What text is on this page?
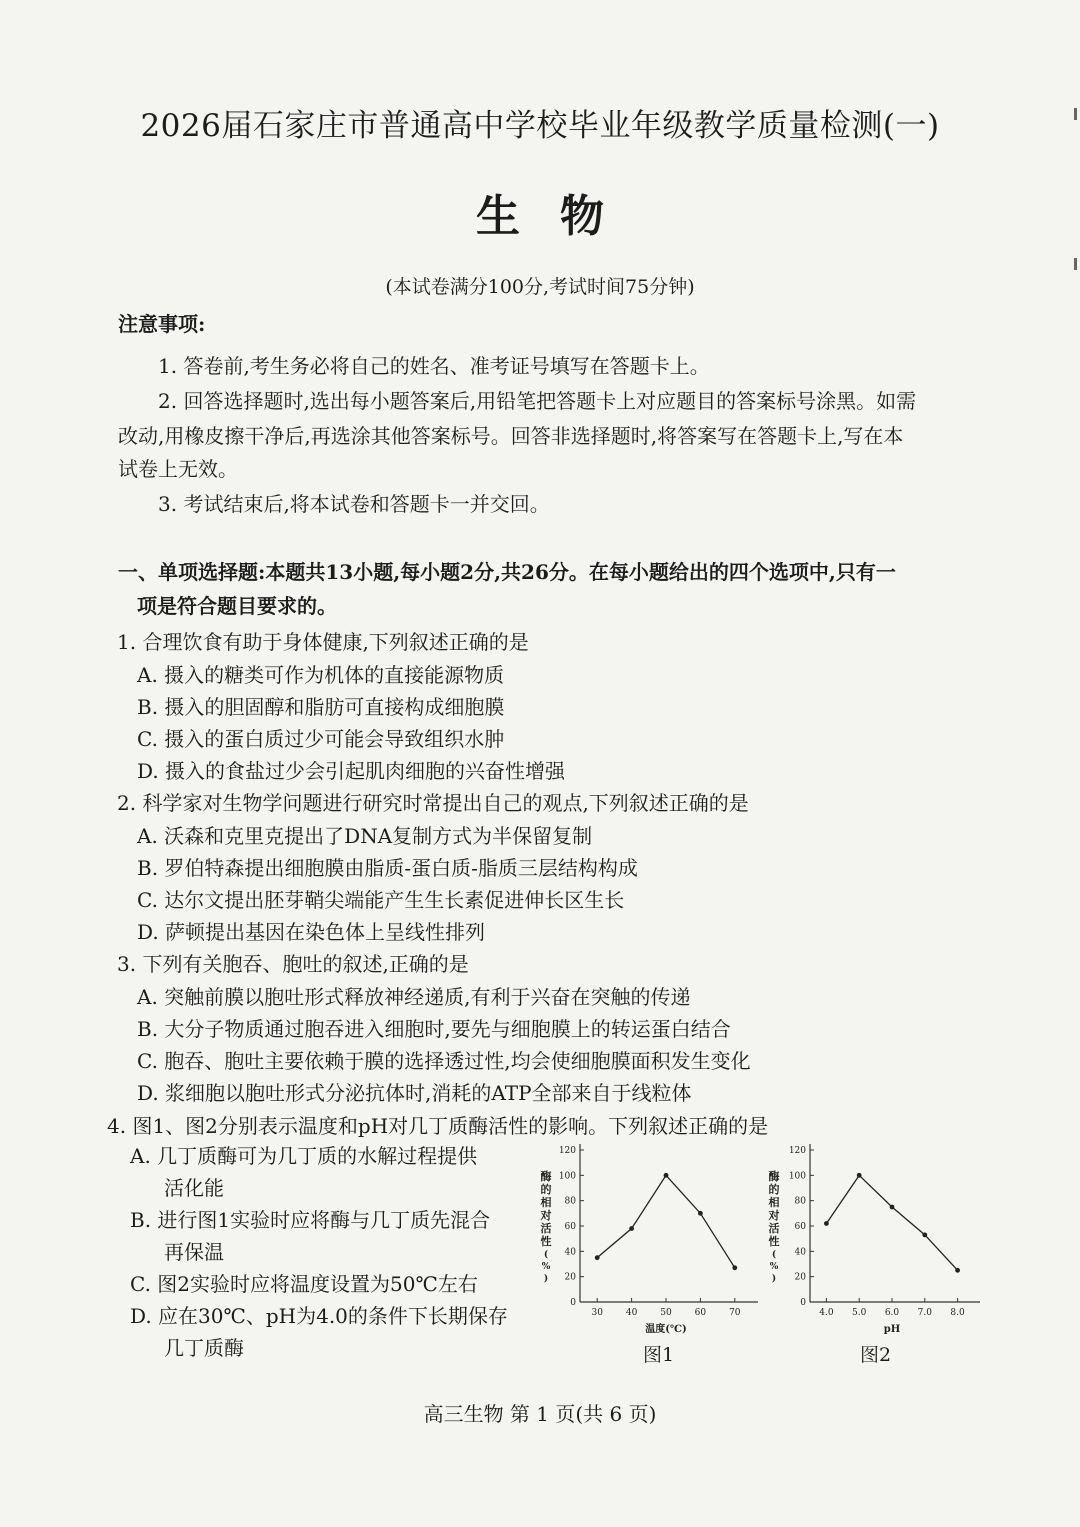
2026届石家庄市普通高中学校毕业年级教学质量检测(一)
生物
(本试卷满分100分,考试时间75分钟)
注意事项:
1. 答卷前,考生务必将自己的姓名、准考证号填写在答题卡上。
2. 回答选择题时,选出每小题答案后,用铅笔把答题卡上对应题目的答案标号涂黑。如需
改动,用橡皮擦干净后,再选涂其他答案标号。回答非选择题时,将答案写在答题卡上,写在本
试卷上无效。
3. 考试结束后,将本试卷和答题卡一并交回。
一、单项选择题:本题共13小题,每小题2分,共26分。在每小题给出的四个选项中,只有一
项是符合题目要求的。
1. 合理饮食有助于身体健康,下列叙述正确的是
A. 摄入的糖类可作为机体的直接能源物质
B. 摄入的胆固醇和脂肪可直接构成细胞膜
C. 摄入的蛋白质过少可能会导致组织水肿
D. 摄入的食盐过少会引起肌肉细胞的兴奋性增强
2. 科学家对生物学问题进行研究时常提出自己的观点,下列叙述正确的是
A. 沃森和克里克提出了DNA复制方式为半保留复制
B. 罗伯特森提出细胞膜由脂质-蛋白质-脂质三层结构构成
C. 达尔文提出胚芽鞘尖端能产生生长素促进伸长区生长
D. 萨顿提出基因在染色体上呈线性排列
3. 下列有关胞吞、胞吐的叙述,正确的是
A. 突触前膜以胞吐形式释放神经递质,有利于兴奋在突触的传递
B. 大分子物质通过胞吞进入细胞时,要先与细胞膜上的转运蛋白结合
C. 胞吞、胞吐主要依赖于膜的选择透过性,均会使细胞膜面积发生变化
D. 浆细胞以胞吐形式分泌抗体时,消耗的ATP全部来自于线粒体
4. 图1、图2分别表示温度和pH对几丁质酶活性的影响。下列叙述正确的是
A. 几丁质酶可为几丁质的水解过程提供
活化能
B. 进行图1实验时应将酶与几丁质先混合
再保温
C. 图2实验时应将温度设置为50℃左右
D. 应在30℃、pH为4.0的条件下长期保存
几丁质酶
0
20
40
60
80
100
120
30	40	50	60	70
温度(℃)
酶的相对活性( % )
图1
0
20
40
60
80
100
120
4.0 5.0 6.0 7.0 8.0
pH
酶的相对活性( % )
图2
高三生物 第 1 页(共 6 页)
